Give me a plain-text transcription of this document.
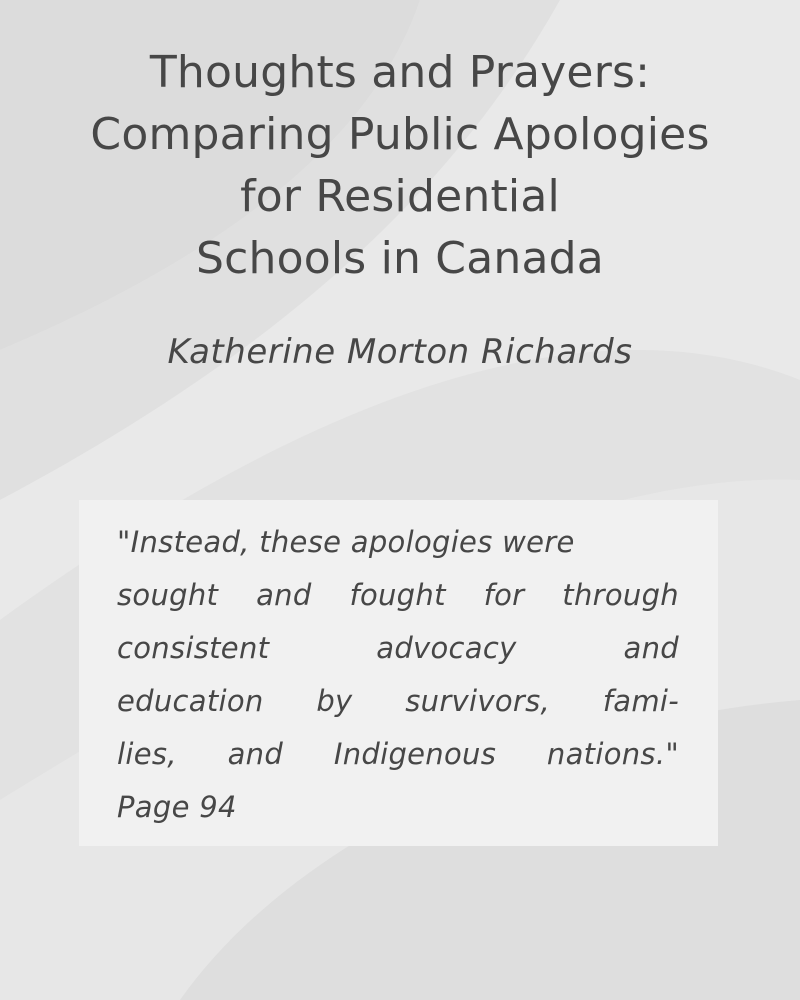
Thoughts and Prayers:
Comparing Public Apologies
for Residential
Schools in Canada

Katherine Morton Richards

"Instead, these apologies were
sought and fought for through
consistent advocacy and
education by survivors, fami-
lies, and Indigenous nations."
Page 94
